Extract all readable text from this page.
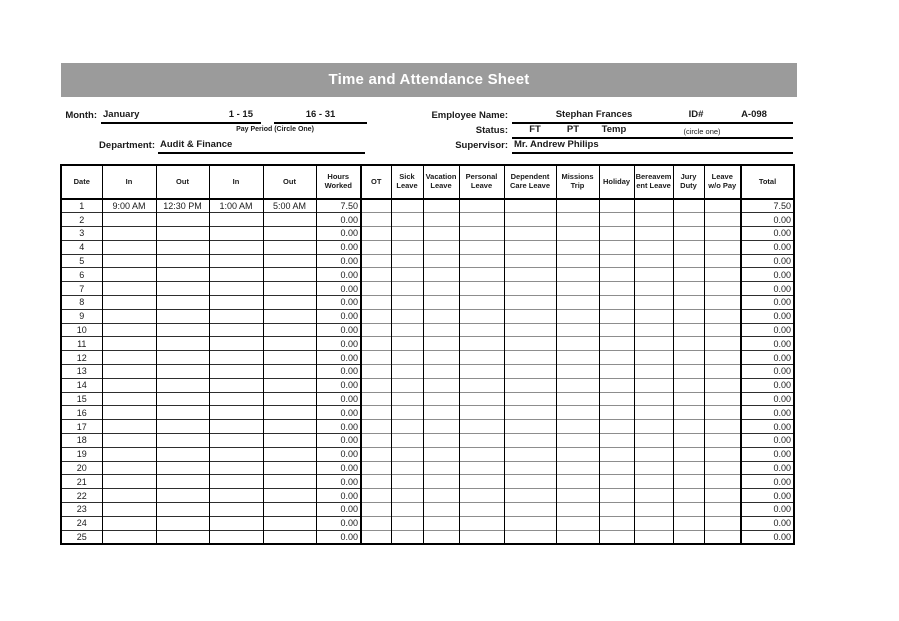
Time and Attendance Sheet
Month: January	1 - 15	16 - 31
Pay Period (Circle One)
Department: Audit & Finance
Employee Name:	Stephan Frances	ID#	A-098
Status:	FT	PT	Temp	(circle one)
Supervisor: Mr. Andrew Philips
Date	In	Out	In	Out	Hours Worked	OT	Sick Leave	Vacation Leave	Personal Leave	Dependent Care Leave	Missions Trip	Holiday	Bereavement Leave	Jury Duty	Leave w/o Pay	Total
1	9:00 AM	12:30 PM	1:00 AM	5:00 AM	7.50											7.50
2					0.00											0.00
3					0.00											0.00
4					0.00											0.00
5					0.00											0.00
6					0.00											0.00
7					0.00											0.00
8					0.00											0.00
9					0.00											0.00
10					0.00											0.00
11					0.00											0.00
12					0.00											0.00
13					0.00											0.00
14					0.00											0.00
15					0.00											0.00
16					0.00											0.00
17					0.00											0.00
18					0.00											0.00
19					0.00											0.00
20					0.00											0.00
21					0.00											0.00
22					0.00											0.00
23					0.00											0.00
24					0.00											0.00
25					0.00											0.00
